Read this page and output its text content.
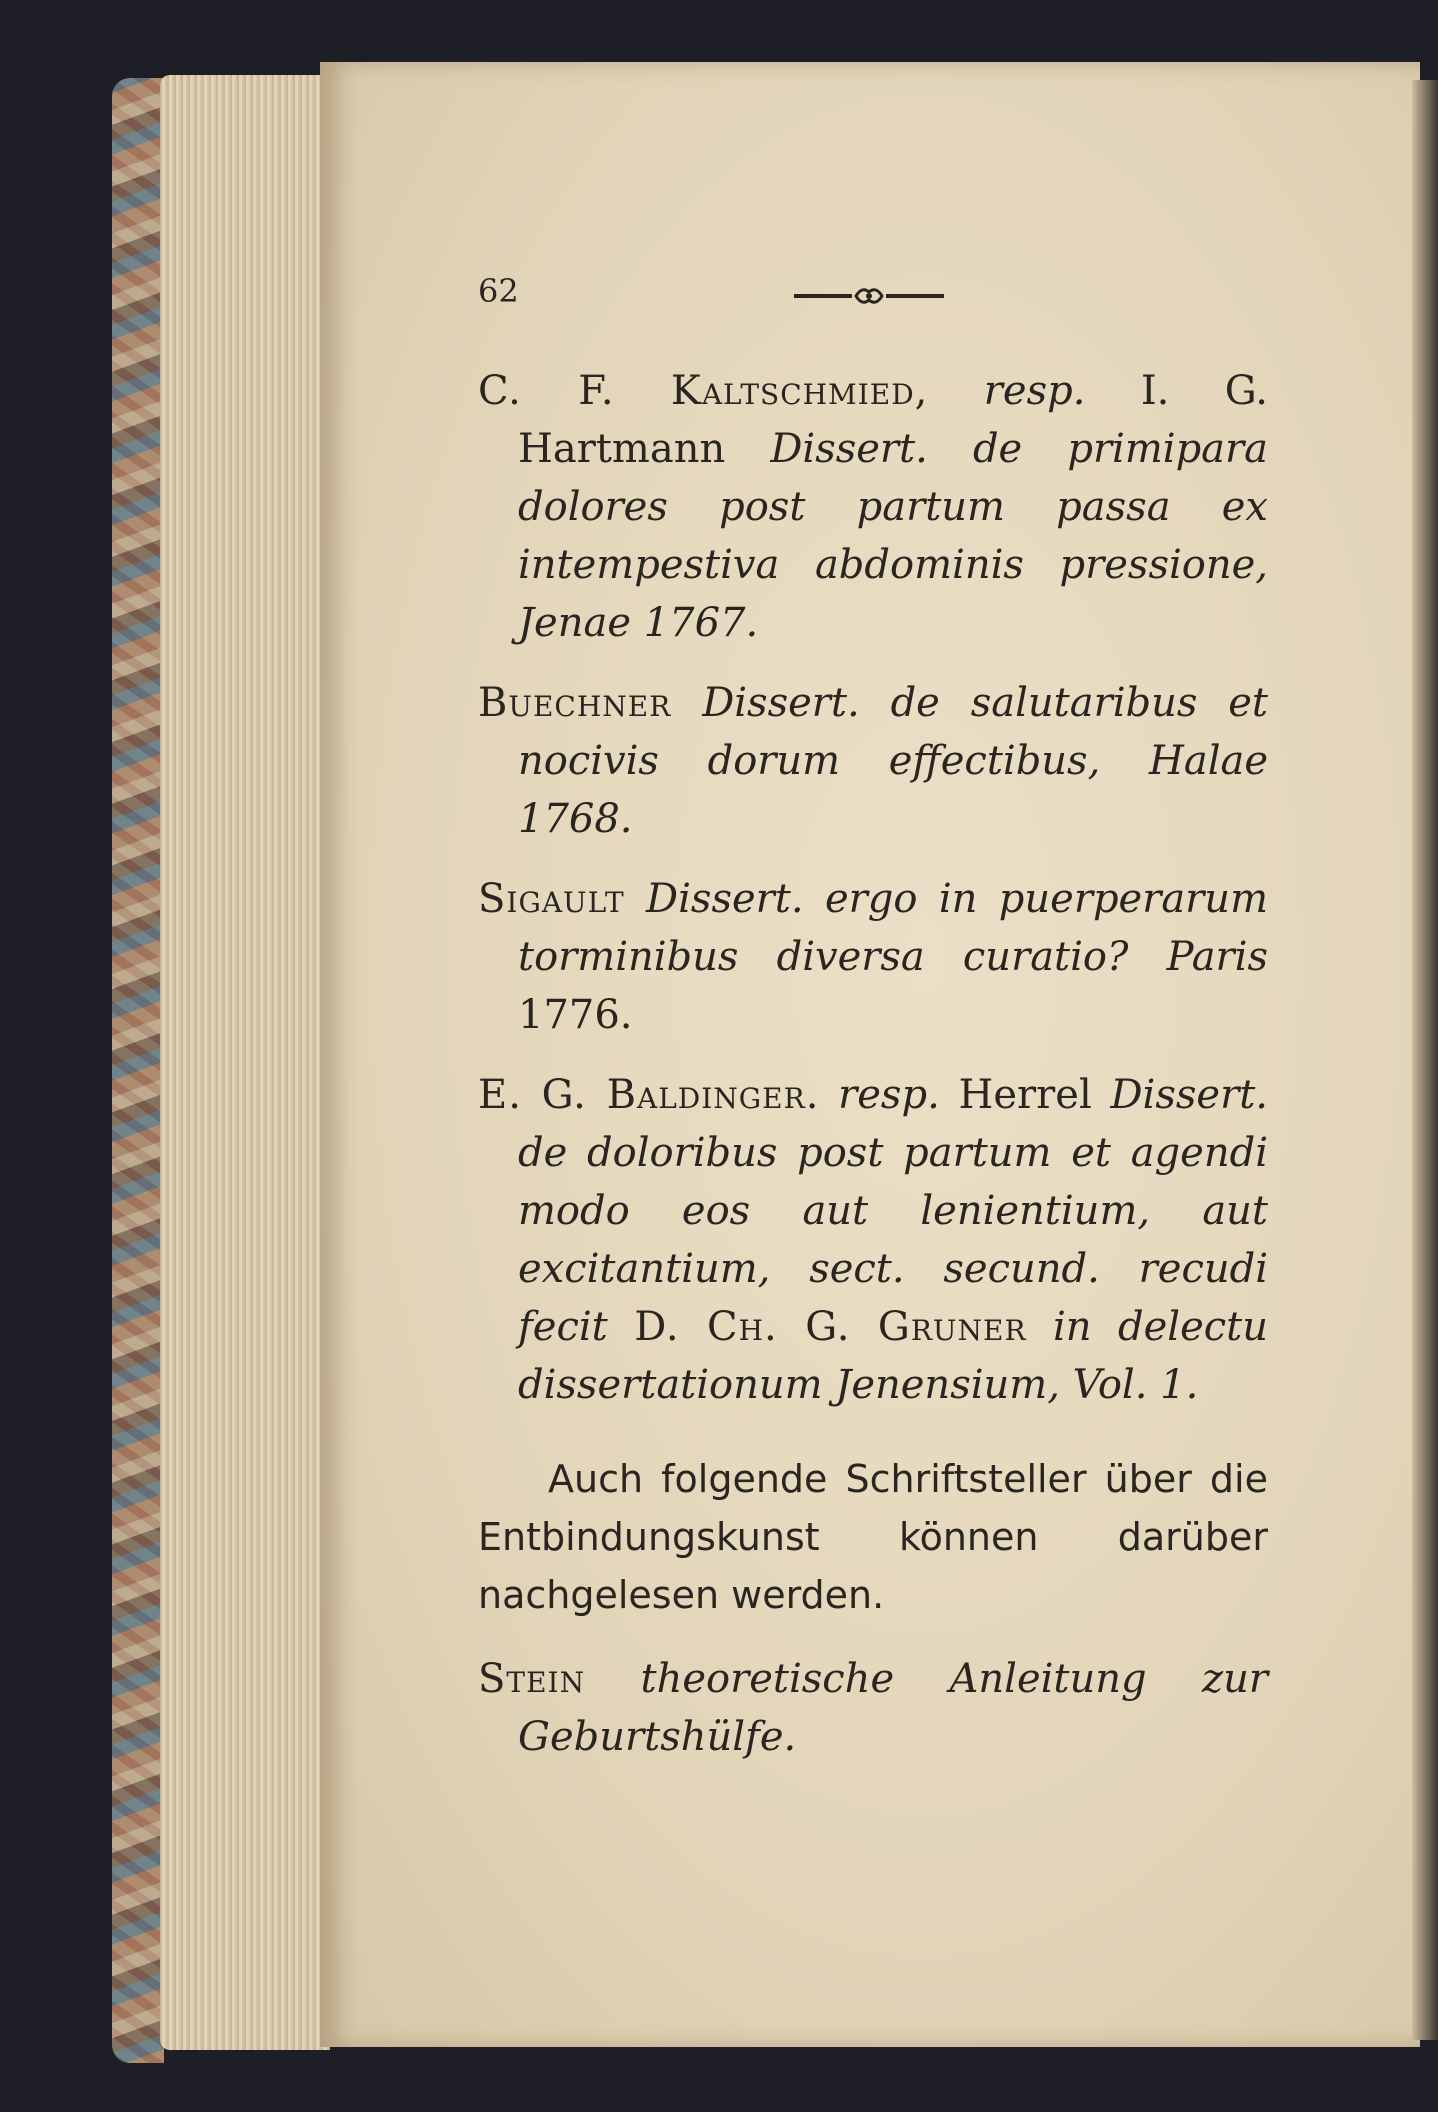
62
C. F. Kaltschmied, resp. I. G. Hartmann Dissert. de primipara dolores post partum passa ex intempestiva abdominis pressione, Jenae 1767.
Buechner Dissert. de salutaribus et nocivis dorum effectibus, Halae 1768.
Sigault Dissert. ergo in puerperarum torminibus diversa curatio? Paris 1776.
E. G. Baldinger. resp. Herrel Dissert. de doloribus post partum et agendi modo eos aut lenientium, aut excitantium, sect. secund. recudi fecit D. Ch. G. Gruner in delectu dissertationum Jenensium, Vol. 1.
Auch folgende Schriftsteller über die Entbindungskunst können darüber nachgelesen werden.
Stein theoretische Anleitung zur Geburtshülfe.
